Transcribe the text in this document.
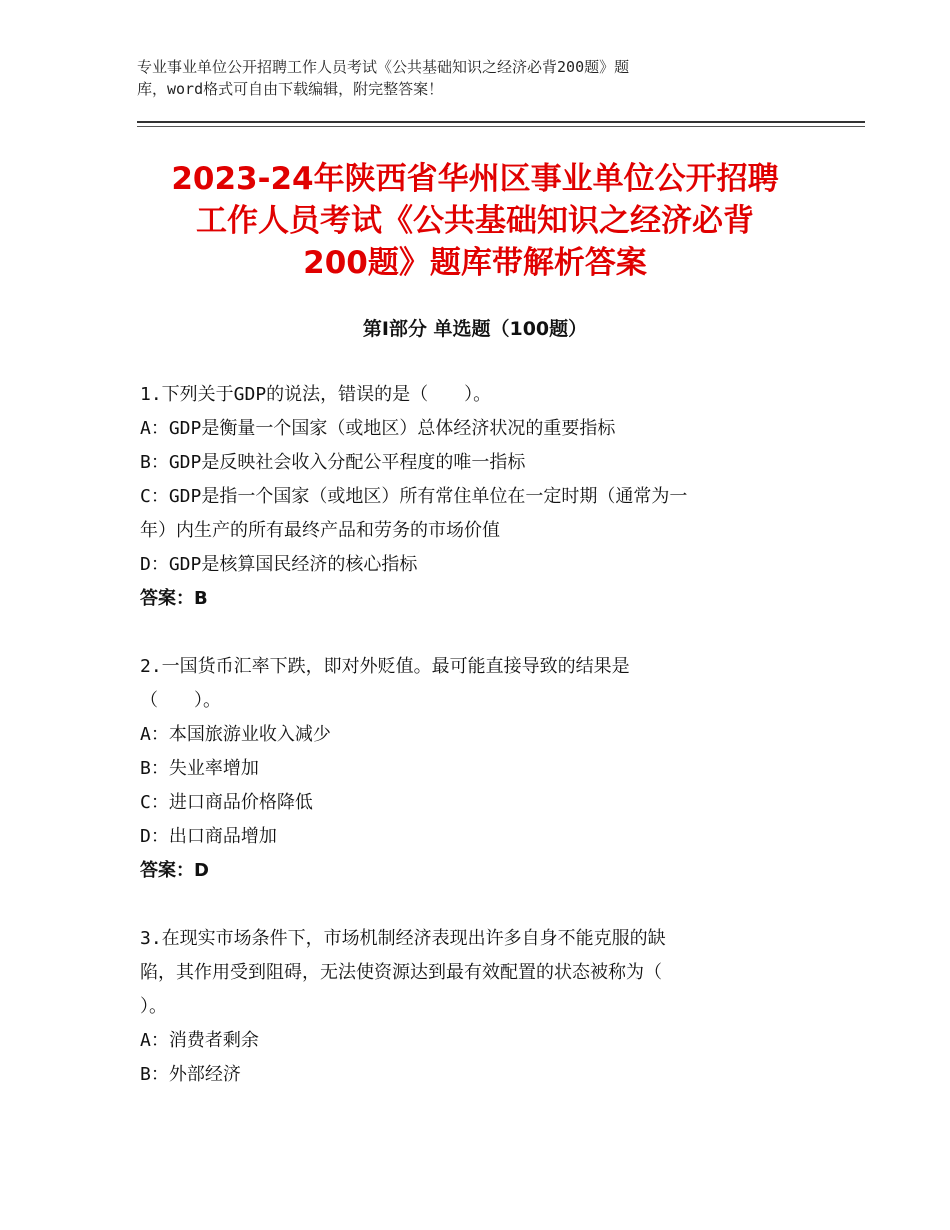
专业事业单位公开招聘工作人员考试《公共基础知识之经济必背200题》题
库，word格式可自由下载编辑，附完整答案！
2023-24年陕西省华州区事业单位公开招聘
工作人员考试《公共基础知识之经济必背
200题》题库带解析答案
第Ⅰ部分 单选题（100题）
1.下列关于GDP的说法，错误的是（　　）。
A：GDP是衡量一个国家（或地区）总体经济状况的重要指标
B：GDP是反映社会收入分配公平程度的唯一指标
C：GDP是指一个国家（或地区）所有常住单位在一定时期（通常为一
年）内生产的所有最终产品和劳务的市场价值
D：GDP是核算国民经济的核心指标
答案：B
2.一国货币汇率下跌，即对外贬值。最可能直接导致的结果是
（　　）。
A：本国旅游业收入减少
B：失业率增加
C：进口商品价格降低
D：出口商品增加
答案：D
3.在现实市场条件下，市场机制经济表现出许多自身不能克服的缺
陷，其作用受到阻碍，无法使资源达到最有效配置的状态被称为（
）。
A：消费者剩余
B：外部经济
